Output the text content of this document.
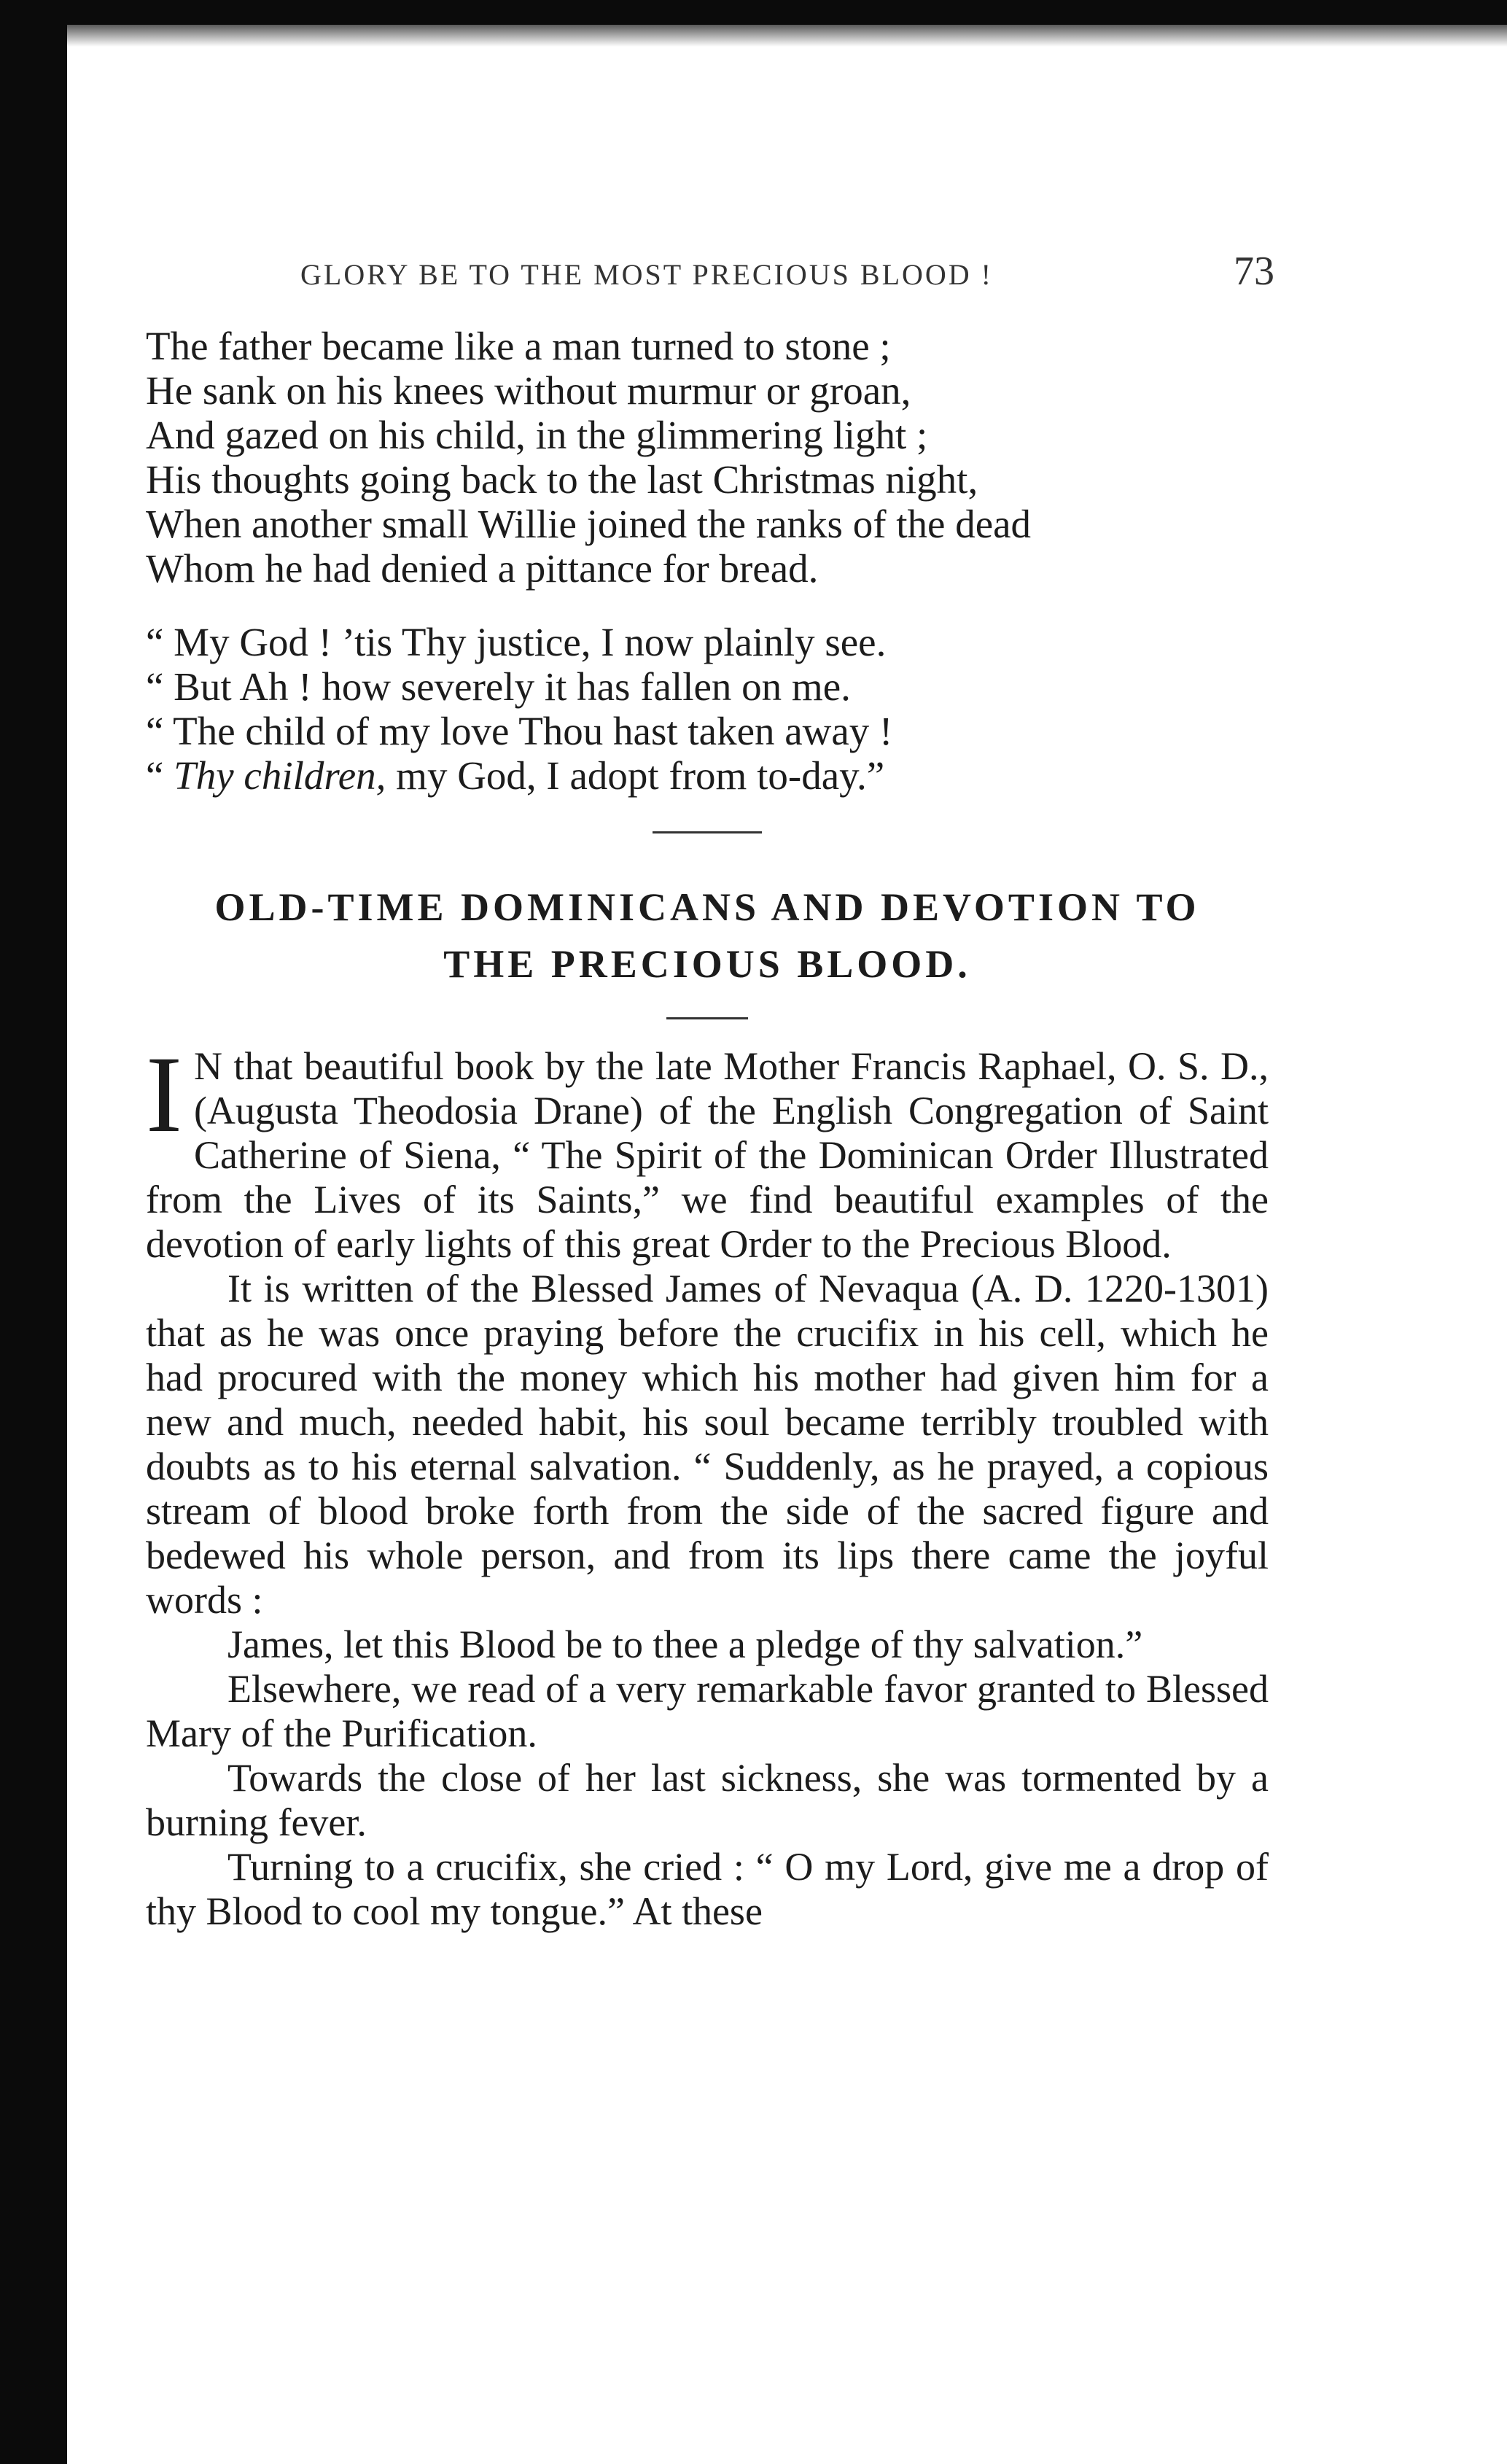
GLORY BE TO THE MOST PRECIOUS BLOOD !	73
The father became like a man turned to stone ;
He sank on his knees without murmur or groan,
And gazed on his child, in the glimmering light ;
His thoughts going back to the last Christmas night,
When another small Willie joined the ranks of the dead
Whom he had denied a pittance for bread.
“ My God ! ’tis Thy justice, I now plainly see.
“ But Ah ! how severely it has fallen on me.
“ The child of my love Thou hast taken away !
“ Thy children, my God, I adopt from to-day.”
OLD-TIME DOMINICANS AND DEVOTION TO
THE PRECIOUS BLOOD.

I N that beautiful book by the late Mother Francis Raphael, O. S. D., (Augusta Theodosia Drane) of the English Congregation of Saint Catherine of Siena, “ The Spirit of the Dominican Order Illustrated from the Lives of its Saints,” we find beautiful examples of the devotion of early lights of this great Order to the Precious Blood.

It is written of the Blessed James of Nevaqua (A. D. 1220-1301) that as he was once praying before the crucifix in his cell, which he had procured with the money which his mother had given him for a new and much, needed habit, his soul became terribly troubled with doubts as to his eternal salvation. “ Suddenly, as he prayed, a copious stream of blood broke forth from the side of the sacred figure and bedewed his whole person, and from its lips there came the joyful words :

James, let this Blood be to thee a pledge of thy salvation.”

Elsewhere, we read of a very remarkable favor granted to Blessed Mary of the Purification.

Towards the close of her last sickness, she was tormented by a burning fever.

Turning to a crucifix, she cried : “ O my Lord, give me a drop of thy Blood to cool my tongue.” At these
